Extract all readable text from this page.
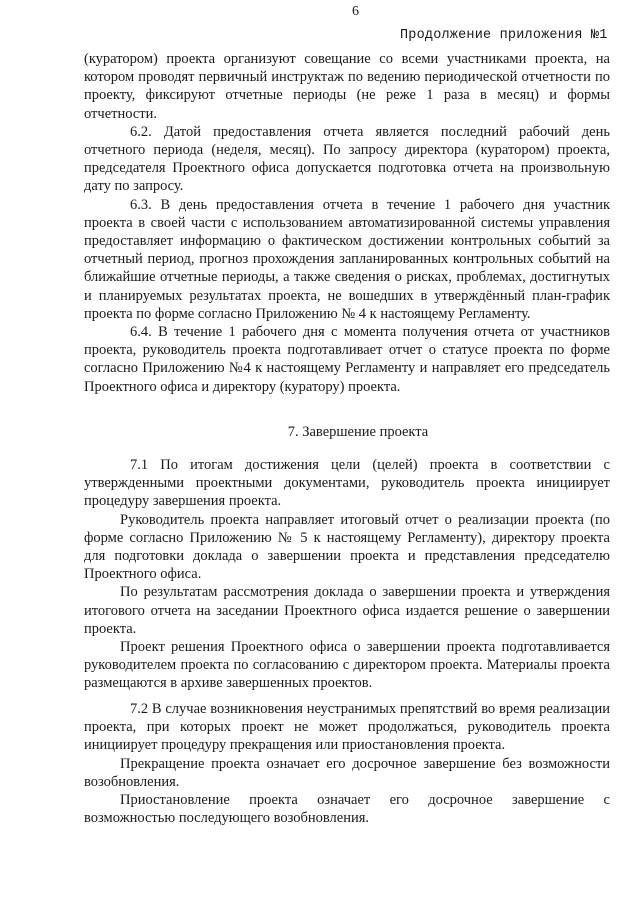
6
Продолжение приложения №1

(куратором) проекта организуют совещание со всеми участниками проекта, на котором проводят первичный инструктаж по ведению периодической отчетности по проекту, фиксируют отчетные периоды (не реже 1 раза в месяц) и формы отчетности.

6.2. Датой предоставления отчета является последний рабочий день отчетного периода (неделя, месяц). По запросу директора (куратором) проекта, председателя Проектного офиса допускается подготовка отчета на произвольную дату по запросу.

6.3. В день предоставления отчета в течение 1 рабочего дня участник проекта в своей части с использованием автоматизированной системы управления предоставляет информацию о фактическом достижении контрольных событий за отчетный период, прогноз прохождения запланированных контрольных событий на ближайшие отчетные периоды, а также сведения о рисках, проблемах, достигнутых и планируемых результатах проекта, не вошедших в утверждённый план-график проекта по форме согласно Приложению № 4 к настоящему Регламенту.

6.4. В течение 1 рабочего дня с момента получения отчета от участников проекта, руководитель проекта подготавливает отчет о статусе проекта по форме согласно Приложению №4 к настоящему Регламенту и направляет его председатель Проектного офиса и директору (куратору) проекта.

7. Завершение проекта

7.1 По итогам достижения цели (целей) проекта в соответствии с утвержденными проектными документами, руководитель проекта инициирует процедуру завершения проекта.

Руководитель проекта направляет итоговый отчет о реализации проекта (по форме согласно Приложению № 5 к настоящему Регламенту), директору проекта для подготовки доклада о завершении проекта и представления председателю Проектного офиса.

По результатам рассмотрения доклада о завершении проекта и утверждения итогового отчета на заседании Проектного офиса издается решение о завершении проекта.

Проект решения Проектного офиса о завершении проекта подготавливается руководителем проекта по согласованию с директором проекта. Материалы проекта размещаются в архиве завершенных проектов.

7.2 В случае возникновения неустранимых препятствий во время реализации проекта, при которых проект не может продолжаться, руководитель проекта инициирует процедуру прекращения или приостановления проекта.

Прекращение проекта означает его досрочное завершение без возможности возобновления.

Приостановление проекта означает его досрочное завершение с возможностью последующего возобновления.
